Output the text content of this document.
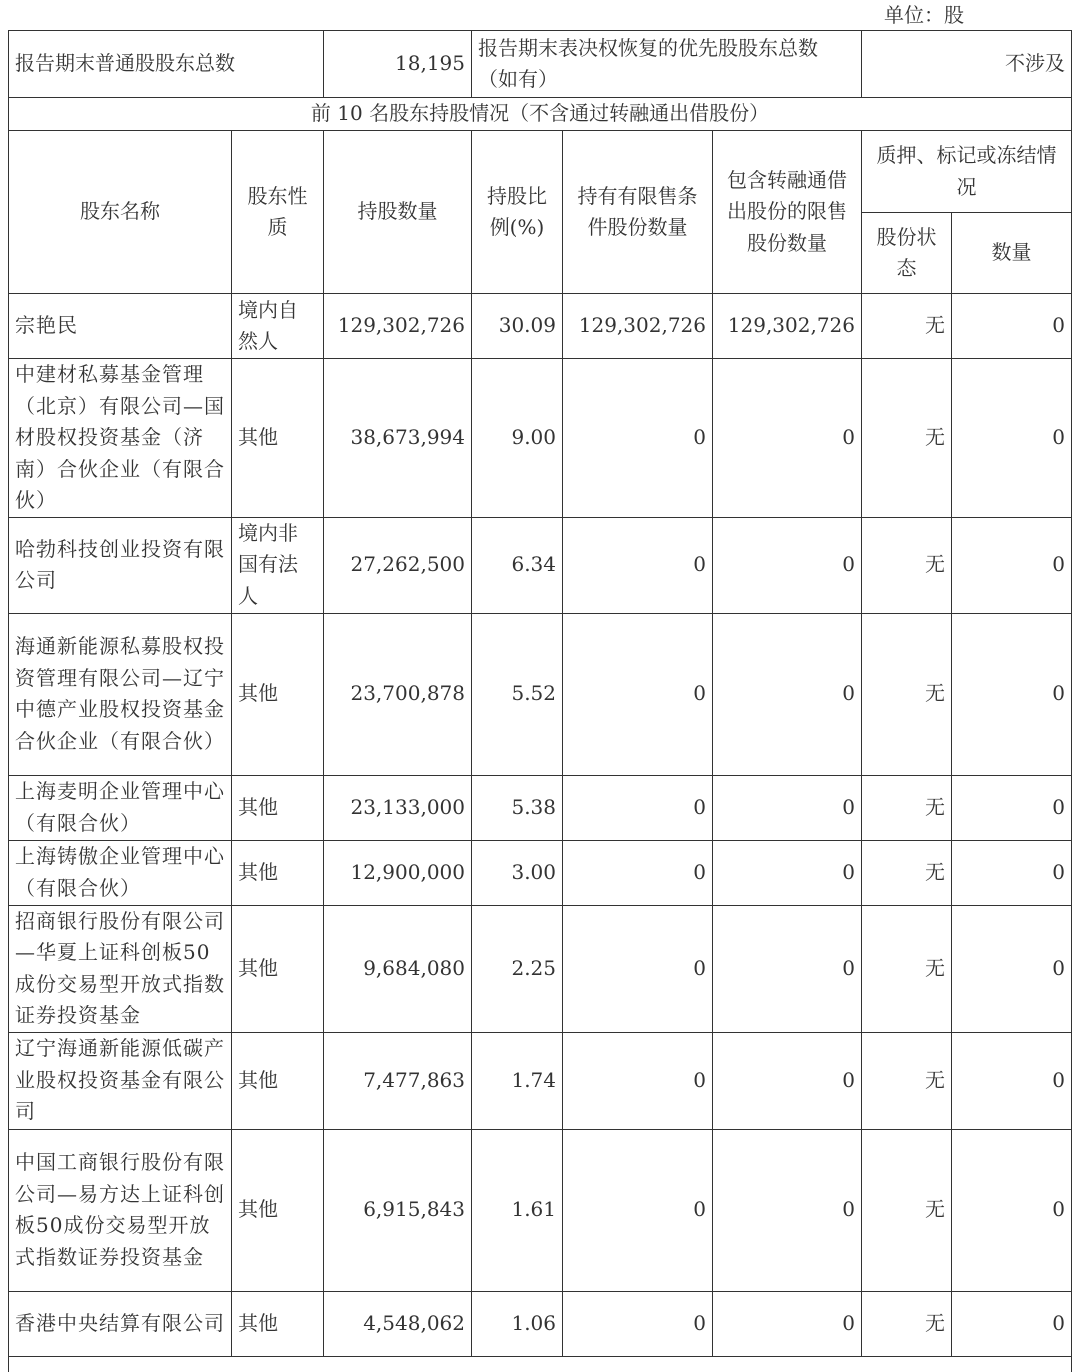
单位：股
报告期末普通股股东总数		18,195	报告期末表决权恢复的优先股股东总数（如有）			不涉及	
前 10 名股东持股情况（不含通过转融通出借股份）							
股东名称	股东性质	持股数量	持股比例(%)	持有有限售条件股份数量	包含转融通借出股份的限售股份数量	质押、标记或冻结情况	
						股份状态	数量
宗艳民	境内自然人	129,302,726	30.09	129,302,726	129,302,726	无	0
中建材私募基金管理（北京）有限公司—国材股权投资基金（济南）合伙企业（有限合伙）	其他	38,673,994	9.00	0	0	无	0
哈勃科技创业投资有限公司	境内非国有法人	27,262,500	6.34	0	0	无	0
海通新能源私募股权投资管理有限公司—辽宁中德产业股权投资基金合伙企业（有限合伙）	其他	23,700,878	5.52	0	0	无	0
上海麦明企业管理中心（有限合伙）	其他	23,133,000	5.38	0	0	无	0
上海铸傲企业管理中心（有限合伙）	其他	12,900,000	3.00	0	0	无	0
招商银行股份有限公司—华夏上证科创板50成份交易型开放式指数证券投资基金	其他	9,684,080	2.25	0	0	无	0
辽宁海通新能源低碳产业股权投资基金有限公司	其他	7,477,863	1.74	0	0	无	0
中国工商银行股份有限公司—易方达上证科创板50成份交易型开放式指数证券投资基金	其他	6,915,843	1.61	0	0	无	0
香港中央结算有限公司	其他	4,548,062	1.06	0	0	无	0
